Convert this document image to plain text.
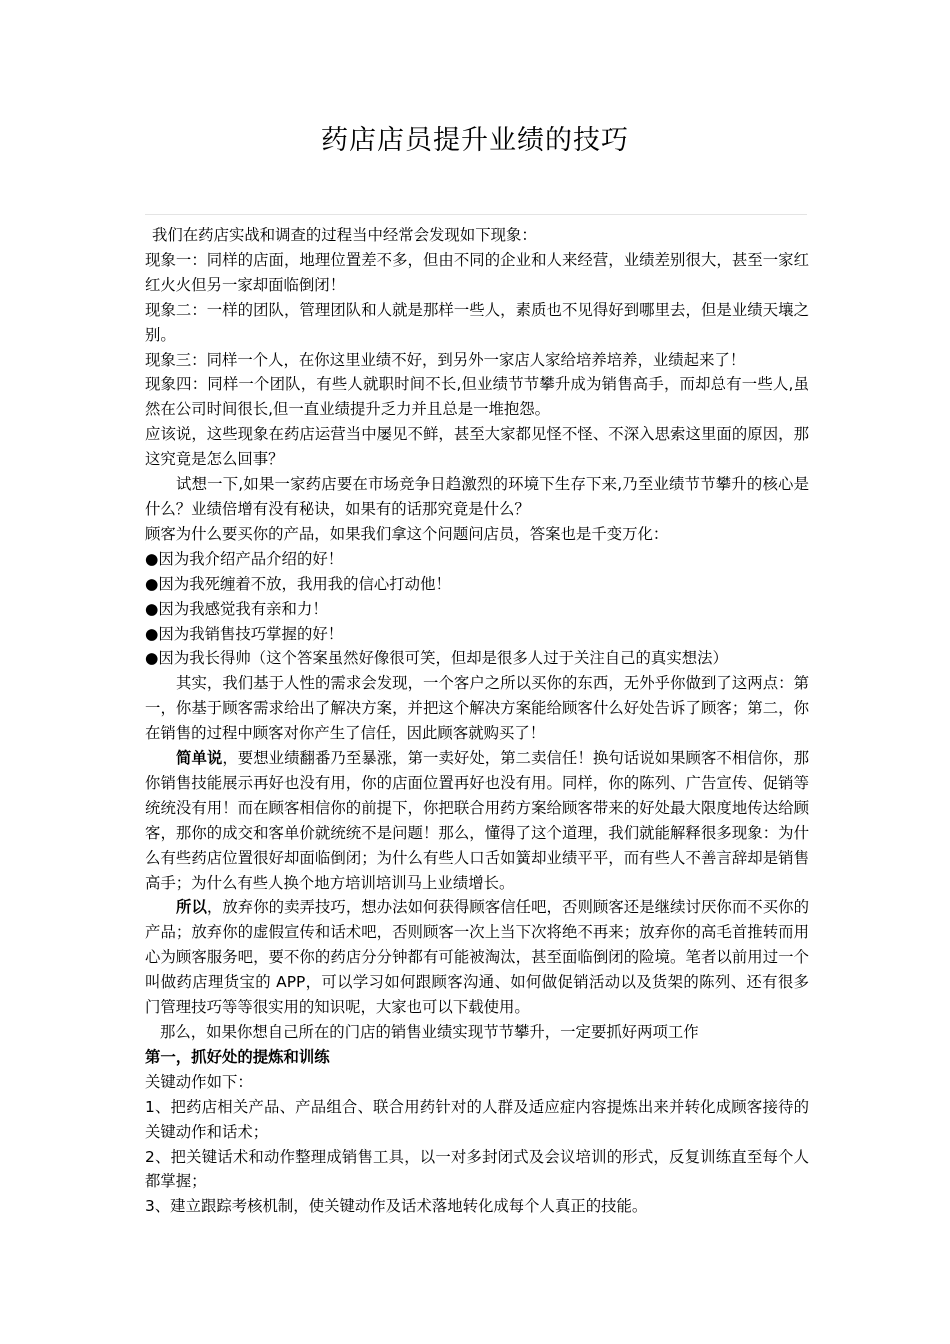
药店店员提升业绩的技巧

我们在药店实战和调查的过程当中经常会发现如下现象：

现象一：同样的店面，地理位置差不多，但由不同的企业和人来经营，业绩差别很大，甚至一家红红火火但另一家却面临倒闭！

现象二：一样的团队，管理团队和人就是那样一些人，素质也不见得好到哪里去，但是业绩天壤之别。

现象三：同样一个人，在你这里业绩不好，到另外一家店人家给培养培养，业绩起来了！

现象四：同样一个团队，有些人就职时间不长,但业绩节节攀升成为销售高手，而却总有一些人,虽然在公司时间很长,但一直业绩提升乏力并且总是一堆抱怨。

应该说，这些现象在药店运营当中屡见不鲜，甚至大家都见怪不怪、不深入思索这里面的原因，那这究竟是怎么回事？

试想一下,如果一家药店要在市场竞争日趋激烈的环境下生存下来,乃至业绩节节攀升的核心是什么？业绩倍增有没有秘诀，如果有的话那究竟是什么？

顾客为什么要买你的产品，如果我们拿这个问题问店员，答案也是千变万化：

●因为我介绍产品介绍的好！

●因为我死缠着不放，我用我的信心打动他！

●因为我感觉我有亲和力！

●因为我销售技巧掌握的好！

●因为我长得帅（这个答案虽然好像很可笑，但却是很多人过于关注自己的真实想法）

其实，我们基于人性的需求会发现，一个客户之所以买你的东西，无外乎你做到了这两点：第一，你基于顾客需求给出了解决方案，并把这个解决方案能给顾客什么好处告诉了顾客；第二，你在销售的过程中顾客对你产生了信任，因此顾客就购买了！

简单说，要想业绩翻番乃至暴涨，第一卖好处，第二卖信任！换句话说如果顾客不相信你，那你销售技能展示再好也没有用，你的店面位置再好也没有用。同样，你的陈列、广告宣传、促销等统统没有用！而在顾客相信你的前提下，你把联合用药方案给顾客带来的好处最大限度地传达给顾客，那你的成交和客单价就统统不是问题！那么，懂得了这个道理，我们就能解释很多现象：为什么有些药店位置很好却面临倒闭；为什么有些人口舌如簧却业绩平平，而有些人不善言辞却是销售高手；为什么有些人换个地方培训培训马上业绩增长。

所以，放弃你的卖弄技巧，想办法如何获得顾客信任吧，否则顾客还是继续讨厌你而不买你的产品；放弃你的虚假宣传和话术吧，否则顾客一次上当下次将绝不再来；放弃你的高毛首推转而用心为顾客服务吧，要不你的药店分分钟都有可能被淘汰，甚至面临倒闭的险境。笔者以前用过一个叫做药店理货宝的 APP，可以学习如何跟顾客沟通、如何做促销活动以及货架的陈列、还有很多门管理技巧等等很实用的知识呢，大家也可以下载使用。

那么，如果你想自己所在的门店的销售业绩实现节节攀升，一定要抓好两项工作

第一，抓好处的提炼和训练

关键动作如下：

1、把药店相关产品、产品组合、联合用药针对的人群及适应症内容提炼出来并转化成顾客接待的关键动作和话术；

2、把关键话术和动作整理成销售工具，以一对多封闭式及会议培训的形式，反复训练直至每个人都掌握；

3、建立跟踪考核机制，使关键动作及话术落地转化成每个人真正的技能。
